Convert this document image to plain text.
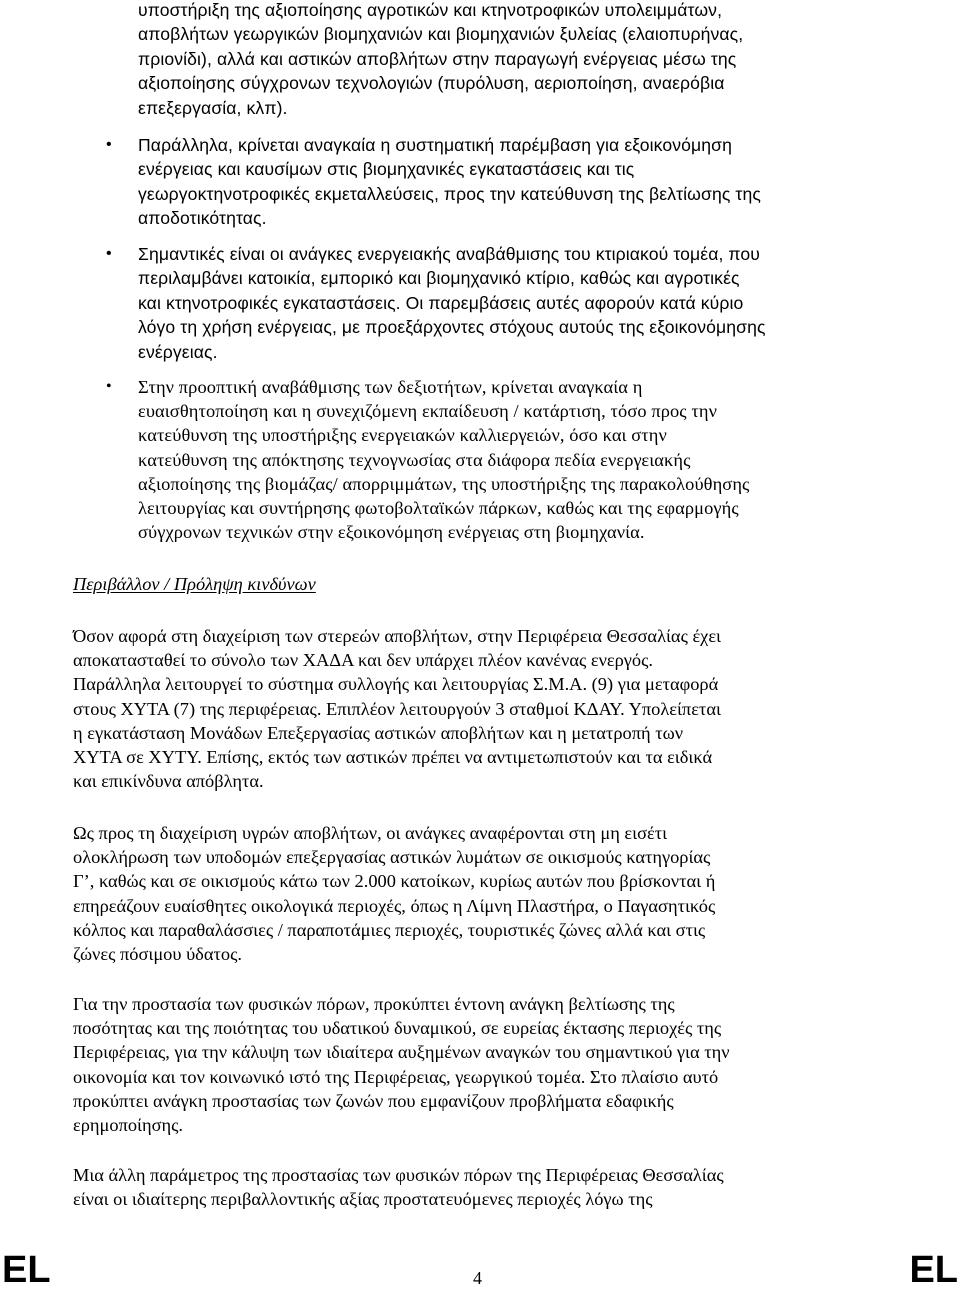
υποστήριξη της αξιοποίησης αγροτικών και κτηνοτροφικών υπολειμμάτων,
αποβλήτων γεωργικών βιομηχανιών και βιομηχανιών ξυλείας (ελαιοπυρήνας,
πριονίδι), αλλά και αστικών αποβλήτων στην παραγωγή ενέργειας μέσω της
αξιοποίησης σύγχρονων τεχνολογιών (πυρόλυση, αεριοποίηση, αναερόβια
επεξεργασία, κλπ).
• Παράλληλα, κρίνεται αναγκαία η συστηματική παρέμβαση για εξοικονόμηση
ενέργειας και καυσίμων στις βιομηχανικές εγκαταστάσεις και τις
γεωργοκτηνοτροφικές εκμεταλλεύσεις, προς την κατεύθυνση της βελτίωσης της
αποδοτικότητας.
• Σημαντικές είναι οι ανάγκες ενεργειακής αναβάθμισης του κτιριακού τομέα, που
περιλαμβάνει κατοικία, εμπορικό και βιομηχανικό κτίριο, καθώς και αγροτικές
και κτηνοτροφικές εγκαταστάσεις. Οι παρεμβάσεις αυτές αφορούν κατά κύριο
λόγο τη χρήση ενέργειας, με προεξάρχοντες στόχους αυτούς της εξοικονόμησης
ενέργειας.
• Στην προοπτική αναβάθμισης των δεξιοτήτων, κρίνεται αναγκαία η
ευαισθητοποίηση και η συνεχιζόμενη εκπαίδευση / κατάρτιση, τόσο προς την
κατεύθυνση της υποστήριξης ενεργειακών καλλιεργειών, όσο και στην
κατεύθυνση της απόκτησης τεχνογνωσίας στα διάφορα πεδία ενεργειακής
αξιοποίησης της βιομάζας/ απορριμμάτων, της υποστήριξης της παρακολούθησης
λειτουργίας και συντήρησης φωτοβολταϊκών πάρκων, καθώς και της εφαρμογής
σύγχρονων τεχνικών στην εξοικονόμηση ενέργειας στη βιομηχανία.
Περιβάλλον / Πρόληψη κινδύνων
Όσον αφορά στη διαχείριση των στερεών αποβλήτων, στην Περιφέρεια Θεσσαλίας έχει
αποκατασταθεί το σύνολο των ΧΑΔΑ και δεν υπάρχει πλέον κανένας ενεργός.
Παράλληλα λειτουργεί το σύστημα συλλογής και λειτουργίας Σ.Μ.Α. (9) για μεταφορά
στους ΧΥΤΑ (7) της περιφέρειας. Επιπλέον λειτουργούν 3 σταθμοί ΚΔΑΥ. Υπολείπεται
η εγκατάσταση Μονάδων Επεξεργασίας αστικών αποβλήτων και η μετατροπή των
ΧΥΤΑ σε ΧΥΤΥ. Επίσης, εκτός των αστικών πρέπει να αντιμετωπιστούν και τα ειδικά
και επικίνδυνα απόβλητα.
Ως προς τη διαχείριση υγρών αποβλήτων, οι ανάγκες αναφέρονται στη μη εισέτι
ολοκλήρωση των υποδομών επεξεργασίας αστικών λυμάτων σε οικισμούς κατηγορίας
Γ’, καθώς και σε οικισμούς κάτω των 2.000 κατοίκων, κυρίως αυτών που βρίσκονται ή
επηρεάζουν ευαίσθητες οικολογικά περιοχές, όπως η Λίμνη Πλαστήρα, ο Παγασητικός
κόλπος και παραθαλάσσιες / παραποτάμιες περιοχές, τουριστικές ζώνες αλλά και στις
ζώνες πόσιμου ύδατος.
Για την προστασία των φυσικών πόρων, προκύπτει έντονη ανάγκη βελτίωσης της
ποσότητας και της ποιότητας του υδατικού δυναμικού, σε ευρείας έκτασης περιοχές της
Περιφέρειας, για την κάλυψη των ιδιαίτερα αυξημένων αναγκών του σημαντικού για την
οικονομία και τον κοινωνικό ιστό της Περιφέρειας, γεωργικού τομέα. Στο πλαίσιο αυτό
προκύπτει ανάγκη προστασίας των ζωνών που εμφανίζουν προβλήματα εδαφικής
ερημοποίησης.
Μια άλλη παράμετρος της προστασίας των φυσικών πόρων της Περιφέρειας Θεσσαλίας
είναι οι ιδιαίτερης περιβαλλοντικής αξίας προστατευόμενες περιοχές λόγω της
EL	4	EL
